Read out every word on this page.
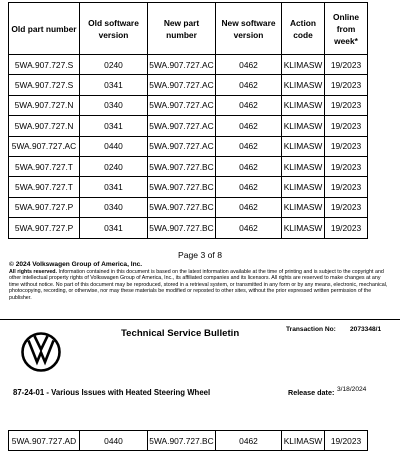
Old part number	Old software version	New part number	New software version	Action code	Online from week*
5WA.907.727.S	0240	5WA.907.727.AC	0462	KLIMASW	19/2023
5WA.907.727.S	0341	5WA.907.727.AC	0462	KLIMASW	19/2023
5WA.907.727.N	0340	5WA.907.727.AC	0462	KLIMASW	19/2023
5WA.907.727.N	0341	5WA.907.727.AC	0462	KLIMASW	19/2023
5WA.907.727.AC	0440	5WA.907.727.AC	0462	KLIMASW	19/2023
5WA.907.727.T	0240	5WA.907.727.BC	0462	KLIMASW	19/2023
5WA.907.727.T	0341	5WA.907.727.BC	0462	KLIMASW	19/2023
5WA.907.727.P	0340	5WA.907.727.BC	0462	KLIMASW	19/2023
5WA.907.727.P	0341	5WA.907.727.BC	0462	KLIMASW	19/2023
Page 3 of 8
© 2024 Volkswagen Group of America, Inc.
All rights reserved. Information contained in this document is based on the latest information available at the time of printing and is subject to the copyright and other intellectual property rights of Volkswagen Group of America, Inc., its affiliated companies and its licensors. All rights are reserved to make changes at any time without notice. No part of this document may be reproduced, stored in a retrieval system, or transmitted in any form or by any means, electronic, mechanical, photocopying, recording, or otherwise, nor may these materials be modified or reposted to other sites, without the prior expressed written permission of the publisher.
Technical Service Bulletin	Transaction No: 2073348/1
87-24-01 - Various Issues with Heated Steering Wheel	Release date: 3/18/2024
5WA.907.727.AD	0440	5WA.907.727.BC	0462	KLIMASW	19/2023
